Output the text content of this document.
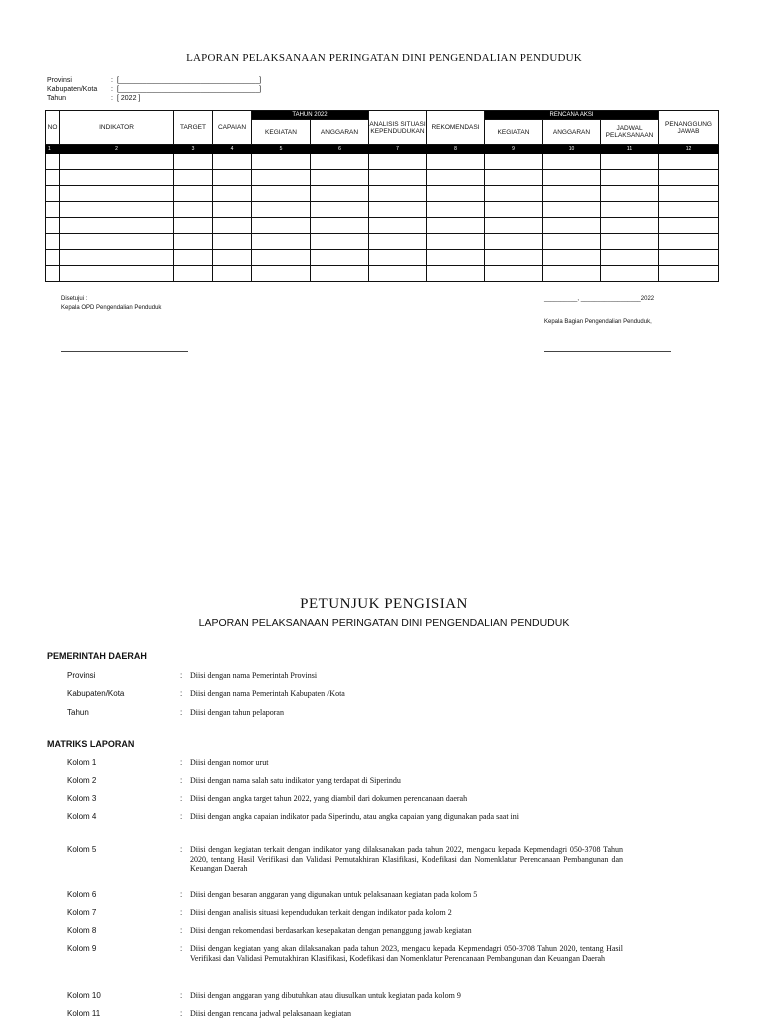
LAPORAN PELAKSANAAN PERINGATAN DINI PENGENDALIAN PENDUDUK
Provinsi	: [____________________________________]
Kabupaten/Kota	: [____________________________________]
Tahun	: [ 2022 ]
NO	INDIKATOR	TARGET	CAPAIAN	TAHUN 2022		ANALISIS SITUASI KEPENDUDUKAN	REKOMENDASI	RENCANA AKSI			PENANGGUNG JAWAB
				KEGIATAN	ANGGARAN			KEGIATAN	ANGGARAN	JADWAL PELAKSANAAN	
1	2	3	4	5	6	7	8	9	10	11	12

Disetujui :
Kepala OPD Pengendalian Penduduk
__________, __________________2022
Kepala Bagian Pengendalian Penduduk,
PETUNJUK PENGISIAN
LAPORAN PELAKSANAAN PERINGATAN DINI PENGENDALIAN PENDUDUK
PEMERINTAH DAERAH
Provinsi	: Diisi dengan nama Pemerintah Provinsi
Kabupaten/Kota	: Diisi dengan nama Pemerintah Kabupaten /Kota
Tahun	: Diisi dengan tahun pelaporan
MATRIKS LAPORAN
Kolom 1	: Diisi dengan nomor urut
Kolom 2	: Diisi dengan nama salah satu indikator yang terdapat di Siperindu
Kolom 3	: Diisi dengan angka target tahun 2022, yang diambil dari dokumen perencanaan daerah
Kolom 4	: Diisi dengan angka capaian indikator pada Siperindu, atau angka capaian yang digunakan pada saat ini
Kolom 5	: Diisi dengan kegiatan terkait dengan indikator yang dilaksanakan pada tahun 2022, mengacu kepada Kepmendagri 050-3708 Tahun 2020, tentang Hasil Verifikasi dan Validasi Pemutakhiran Klasifikasi, Kodefikasi dan Nomenklatur Perencanaan Pembangunan dan Keuangan Daerah
Kolom 6	: Diisi dengan besaran anggaran yang digunakan untuk pelaksanaan kegiatan pada kolom 5
Kolom 7	: Diisi dengan analisis situasi kependudukan terkait dengan indikator pada kolom 2
Kolom 8	: Diisi dengan rekomendasi berdasarkan kesepakatan dengan penanggung jawab kegiatan
Kolom 9	: Diisi dengan kegiatan yang akan dilaksanakan pada tahun 2023, mengacu kepada Kepmendagri 050-3708 Tahun 2020, tentang Hasil Verifikasi dan Validasi Pemutakhiran Klasifikasi, Kodefikasi dan Nomenklatur Perencanaan Pembangunan dan Keuangan Daerah
Kolom 10	: Diisi dengan anggaran yang dibutuhkan atau diusulkan untuk kegiatan pada kolom 9
Kolom 11	: Diisi dengan rencana jadwal pelaksanaan kegiatan
